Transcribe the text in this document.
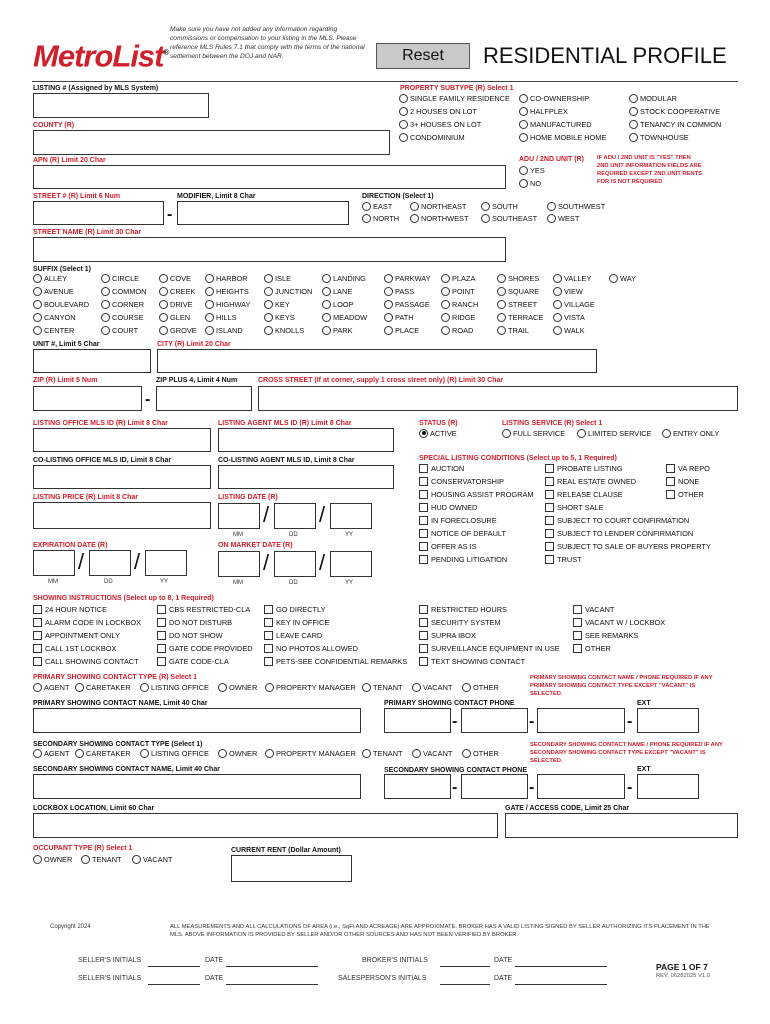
MetroList®
Make sure you have not added any information regarding commissions or compensation to your listing in the MLS. Please reference MLS Rules 7.1 that comply with the terms of the national settlement between the DOJ and NAR.	Reset	RESIDENTIAL PROFILE
LISTING # (Assigned by MLS System)
COUNTY (R)
APN (R) Limit 20 Char
PROPERTY SUBTYPE (R) Select 1
SINGLE FAMILY RESIDENCE	CO-OWNERSHIP	MODULAR
2 HOUSES ON LOT	HALFPLEX	STOCK COOPERATIVE
3+ HOUSES ON LOT	MANUFACTURED	TENANCY IN COMMON
CONDOMINIUM	HOME MOBILE HOME	TOWNHOUSE
ADU / 2ND UNIT (R)
YES
NO
IF ADU / 2ND UNIT IS "YES" THEN 2ND UNIT INFORMATION FIELDS ARE REQUIRED EXCEPT 2ND UNIT RENTS FOR IS NOT REQUIRED
STREET # (R) Limit 6 Num
-
MODIFIER, Limit 8 Char	DIRECTION (Select 1)
EAST	NORTHEAST	SOUTH	SOUTHWEST
NORTH	NORTHWEST	SOUTHEAST	WEST
STREET NAME (R) Limit 30 Char
SUFFIX (Select 1)
ALLEY	CIRCLE	COVE	HARBOR	ISLE	LANDING	PARKWAY	PLAZA	SHORES	VALLEY	WAY
AVENUE	COMMON	CREEK	HEIGHTS	JUNCTION	LANE	PASS	POINT	SQUARE	VIEW
BOULEVARD	CORNER	DRIVE	HIGHWAY	KEY	LOOP	PASSAGE	RANCH	STREET	VILLAGE
CANYON	COURSE	GLEN	HILLS	KEYS	MEADOW	PATH	RIDGE	TERRACE	VISTA
CENTER	COURT	GROVE	ISLAND	KNOLLS	PARK	PLACE	ROAD	TRAIL	WALK
UNIT #, Limit 5 Char	CITY (R) Limit 20 Char
ZIP (R) Limit 5 Num
-
ZIP PLUS 4, Limit 4 Num	CROSS STREET (If at corner, supply 1 cross street only) (R) Limit 30 Char
LISTING OFFICE MLS ID (R) Limit 8 Char	LISTING AGENT MLS ID (R) Limit 8 Char
CO-LISTING OFFICE MLS ID, Limit 8 Char	CO-LISTING AGENT MLS ID, Limit 8 Char
LISTING PRICE (R) Limit 8 Char	LISTING DATE (R)
MM
/
DD
/
YY
EXPIRATION DATE (R)
MM
/
DD
/
YY
ON MARKET DATE (R)
MM
/
DD
/
YY
STATUS (R)
ACTIVE
LISTING SERVICE (R) Select 1
FULL SERVICE	LIMITED SERVICE	ENTRY ONLY
SPECIAL LISTING CONDITIONS (Select up to 5, 1 Required)
AUCTION	PROBATE LISTING	VA REPO
CONSERVATORSHIP	REAL ESTATE OWNED	NONE
HOUSING ASSIST PROGRAM	RELEASE CLAUSE	OTHER
HUD OWNED	SHORT SALE
IN FORECLOSURE	SUBJECT TO COURT CONFIRMATION
NOTICE OF DEFAULT	SUBJECT TO LENDER CONFIRMATION
OFFER AS IS	SUBJECT TO SALE OF BUYERS PROPERTY
PENDING LITIGATION	TRUST
SHOWING INSTRUCTIONS (Select up to 8, 1 Required)
24 HOUR NOTICE	CBS RESTRICTED-CLA	GO DIRECTLY	RESTRICTED HOURS	VACANT
ALARM CODE IN LOCKBOX	DO NOT DISTURB	KEY IN OFFICE	SECURITY SYSTEM	VACANT W / LOCKBOX
APPOINTMENT ONLY	DO NOT SHOW	LEAVE CARD	SUPRA IBOX	SEE REMARKS
CALL 1ST LOCKBOX	GATE CODE PROVIDED	NO PHOTOS ALLOWED	SURVEILLANCE EQUIPMENT IN USE	OTHER
CALL SHOWING CONTACT	GATE CODE-CLA	PETS-SEE CONFIDENTIAL REMARKS	TEXT SHOWING CONTACT
PRIMARY SHOWING CONTACT TYPE (R) Select 1
AGENT	CARETAKER	LISTING OFFICE	OWNER	PROPERTY MANAGER	TENANT	VACANT	OTHER
PRIMARY SHOWING CONTACT NAME / PHONE REQUIRED IF ANY PRIMARY SHOWING CONTACT TYPE EXCEPT "VACANT" IS SELECTED.
PRIMARY SHOWING CONTACT NAME, Limit 40 Char	PRIMARY SHOWING CONTACT PHONE
-	-	-
EXT
SECONDARY SHOWING CONTACT TYPE (Select 1)
AGENT	CARETAKER	LISTING OFFICE	OWNER	PROPERTY MANAGER	TENANT	VACANT	OTHER
SECONDARY SHOWING CONTACT NAME / PHONE REQUIRED IF ANY SECONDARY SHOWING CONTACT TYPE EXCEPT "VACANT" IS SELECTED.
SECONDARY SHOWING CONTACT NAME, Limit 40 Char	SECONDARY SHOWING CONTACT PHONE
-	-	-
EXT
LOCKBOX LOCATION, Limit 60 Char	GATE / ACCESS CODE, Limit 25 Char
OCCUPANT TYPE (R) Select 1
OWNER	TENANT	VACANT
CURRENT RENT (Dollar Amount)
Copyright 2024	ALL MEASUREMENTS AND ALL CALCULATIONS OF AREA (i.e., SqFt AND ACREAGE) ARE APPROXIMATE. BROKER HAS A VALID LISTING SIGNED BY SELLER AUTHORIZING ITS PLACEMENT IN THE MLS. ABOVE INFORMATION IS PROVIDED BY SELLER AND/OR OTHER SOURCES AND HAS NOT BEEN VERIFIED BY BROKER.
SELLER'S INITIALS	DATE	BROKER'S INITIALS	DATE
SELLER'S INITIALS	DATE	SALESPERSON'S INITIALS	DATE
PAGE 1 OF 7
REV. 06282025 V1.0
